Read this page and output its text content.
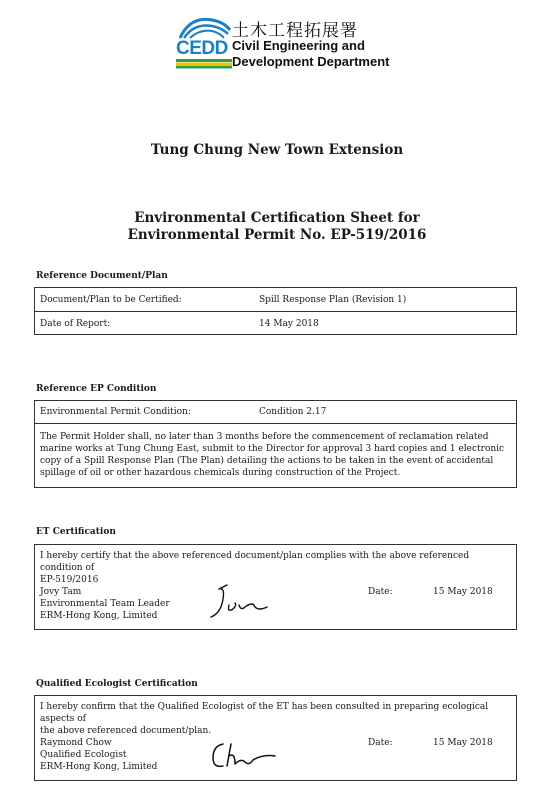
CEDD
土木工程拓展署
Civil Engineering and
Development Department
Tung Chung New Town Extension
Environmental Certification Sheet for
Environmental Permit No. EP-519/2016
Reference Document/Plan
Document/Plan to be Certified:	Spill Response Plan (Revision 1)
Date of Report:	14 May 2018
Reference EP Condition
Environmental Permit Condition:	Condition 2.17
The Permit Holder shall, no later than 3 months before the commencement of reclamation related
marine works at Tung Chung East, submit to the Director for approval 3 hard copies and 1 electronic
copy of a Spill Response Plan (The Plan) detailing the actions to be taken in the event of accidental
spillage of oil or other hazardous chemicals during construction of the Project.
ET Certification
I hereby certify that the above referenced document/plan complies with the above referenced condition of
EP-519/2016
Jovy Tam
Environmental Team Leader
ERM-Hong Kong, Limited
Date:	15 May 2018
Qualified Ecologist Certification
I hereby confirm that the Qualified Ecologist of the ET has been consulted in preparing ecological aspects of
the above referenced document/plan.
Raymond Chow
Qualified Ecologist
ERM-Hong Kong, Limited
Date:	15 May 2018
